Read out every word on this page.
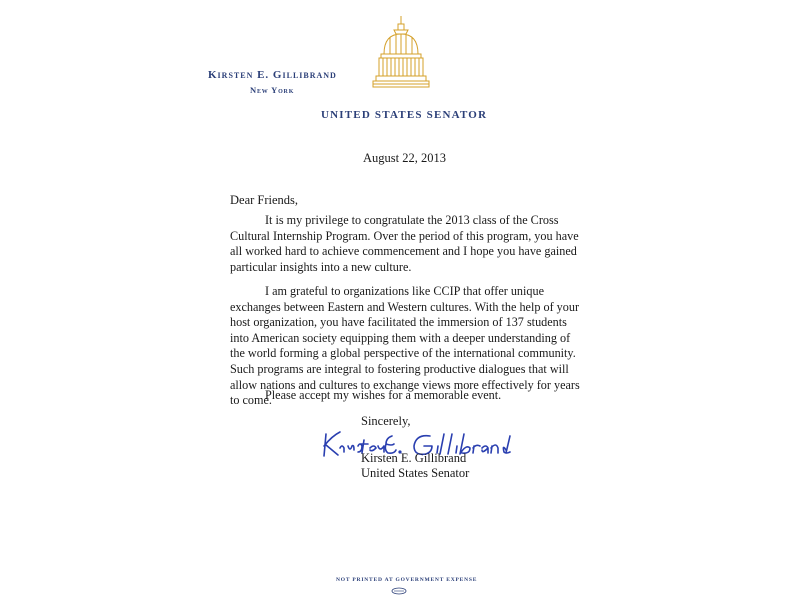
Kirsten E. Gillibrand

New York

UNITED STATES SENATOR

August 22, 2013

Dear Friends,

It is my privilege to congratulate the 2013 class of the Cross Cultural Internship Program. Over the period of this program, you have all worked hard to achieve commencement and I hope you have gained particular insights into a new culture.

I am grateful to organizations like CCIP that offer unique exchanges between Eastern and Western cultures. With the help of your host organization, you have facilitated the immersion of 137 students into American society equipping them with a deeper understanding of the world forming a global perspective of the international community. Such programs are integral to fostering productive dialogues that will allow nations and cultures to exchange views more effectively for years to come.

Please accept my wishes for a memorable event.

Sincerely,

Kirsten E. Gillibrand

United States Senator

NOT PRINTED AT GOVERNMENT EXPENSE
